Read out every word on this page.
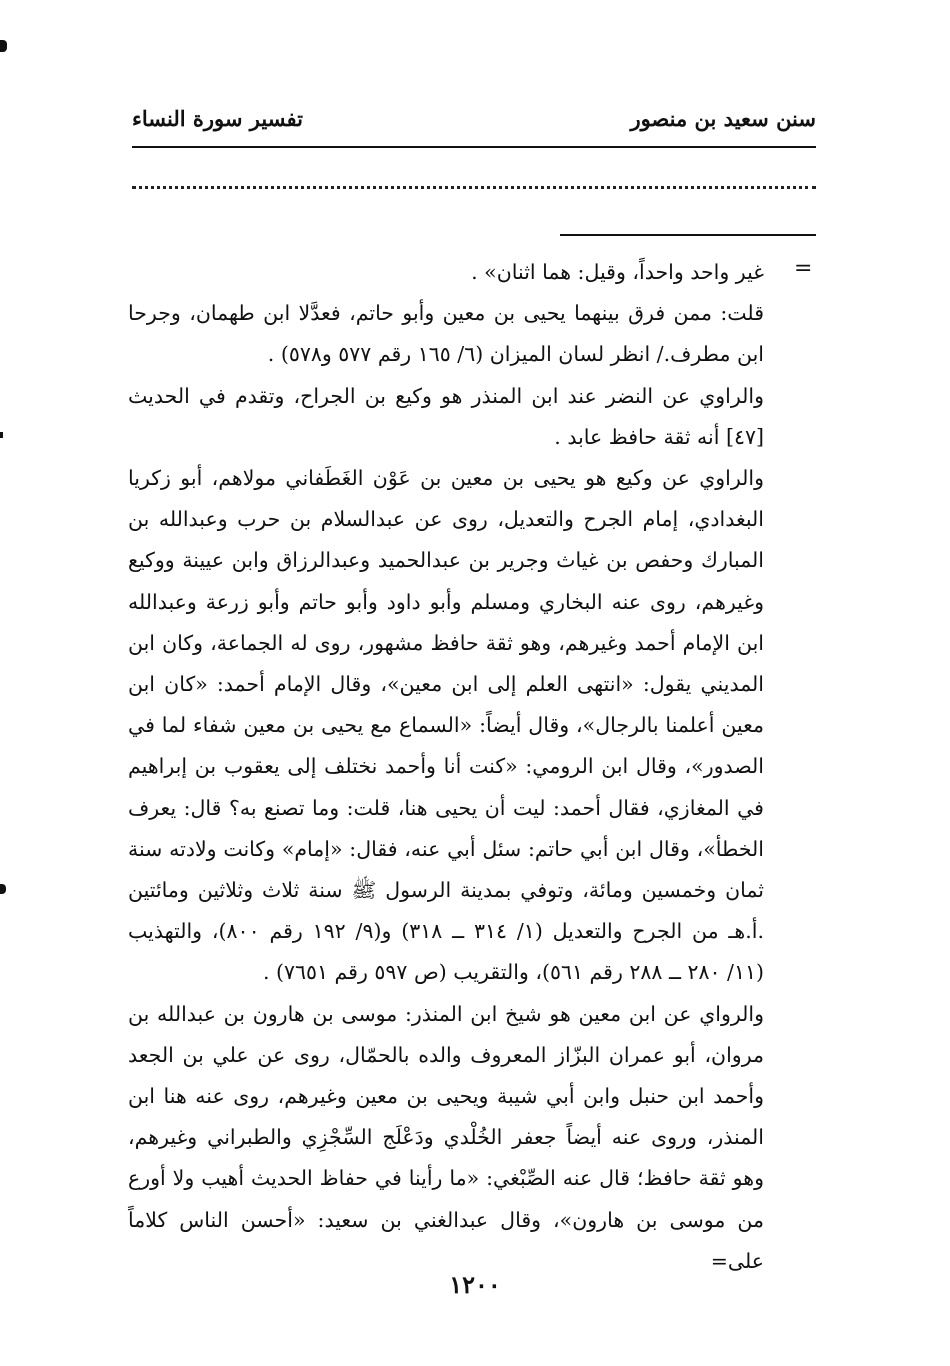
سنن سعيد بن منصور
تفسير سورة النساء
=

غير واحد واحداً، وقيل: هما اثنان» .

قلت: ممن فرق بينهما يحيى بن معين وأبو حاتم، فعدَّلا ابن طهمان، وجرحا ابن مطرف./ انظر لسان الميزان (٦/ ١٦٥ رقم ٥٧٧ و٥٧٨) .

والراوي عن النضر عند ابن المنذر هو وكيع بن الجراح، وتقدم في الحديث [٤٧] أنه ثقة حافظ عابد .

والراوي عن وكيع هو يحيى بن معين بن عَوْن الغَطَفاني مولاهم، أبو زكريا البغدادي، إمام الجرح والتعديل، روى عن عبدالسلام بن حرب وعبدالله بن المبارك وحفص بن غياث وجرير بن عبدالحميد وعبدالرزاق وابن عيينة ووكيع وغيرهم، روى عنه البخاري ومسلم وأبو داود وأبو حاتم وأبو زرعة وعبدالله ابن الإمام أحمد وغيرهم، وهو ثقة حافظ مشهور، روى له الجماعة، وكان ابن المديني يقول: «انتهى العلم إلى ابن معين»، وقال الإمام أحمد: «كان ابن معين أعلمنا بالرجال»، وقال أيضاً: «السماع مع يحيى بن معين شفاء لما في الصدور»، وقال ابن الرومي: «كنت أنا وأحمد نختلف إلى يعقوب بن إبراهيم في المغازي، فقال أحمد: ليت أن يحيى هنا، قلت: وما تصنع به؟ قال: يعرف الخطأ»، وقال ابن أبي حاتم: سئل أبي عنه، فقال: «إمام» وكانت ولادته سنة ثمان وخمسين ومائة، وتوفي بمدينة الرسول ﷺ سنة ثلاث وثلاثين ومائتين .أ.هـ من الجرح والتعديل (١/ ٣١٤ ــ ٣١٨) و(٩/ ١٩٢ رقم ٨٠٠)، والتهذيب (١١/ ٢٨٠ ــ ٢٨٨ رقم ٥٦١)، والتقريب (ص ٥٩٧ رقم ٧٦٥١) .

والرواي عن ابن معين هو شيخ ابن المنذر: موسى بن هارون بن عبدالله بن مروان، أبو عمران البزّاز المعروف والده بالحمّال، روى عن علي بن الجعد وأحمد ابن حنبل وابن أبي شيبة ويحيى بن معين وغيرهم، روى عنه هنا ابن المنذر، وروى عنه أيضاً جعفر الخُلْدي ودَعْلَج السِّجْزِي والطبراني وغيرهم، وهو ثقة حافظ؛ قال عنه الصِّبْغي: «ما رأينا في حفاظ الحديث أهيب ولا أورع من موسى بن هارون»، وقال عبدالغني بن سعيد: «أحسن الناس كلاماً على=

١٢٠٠
